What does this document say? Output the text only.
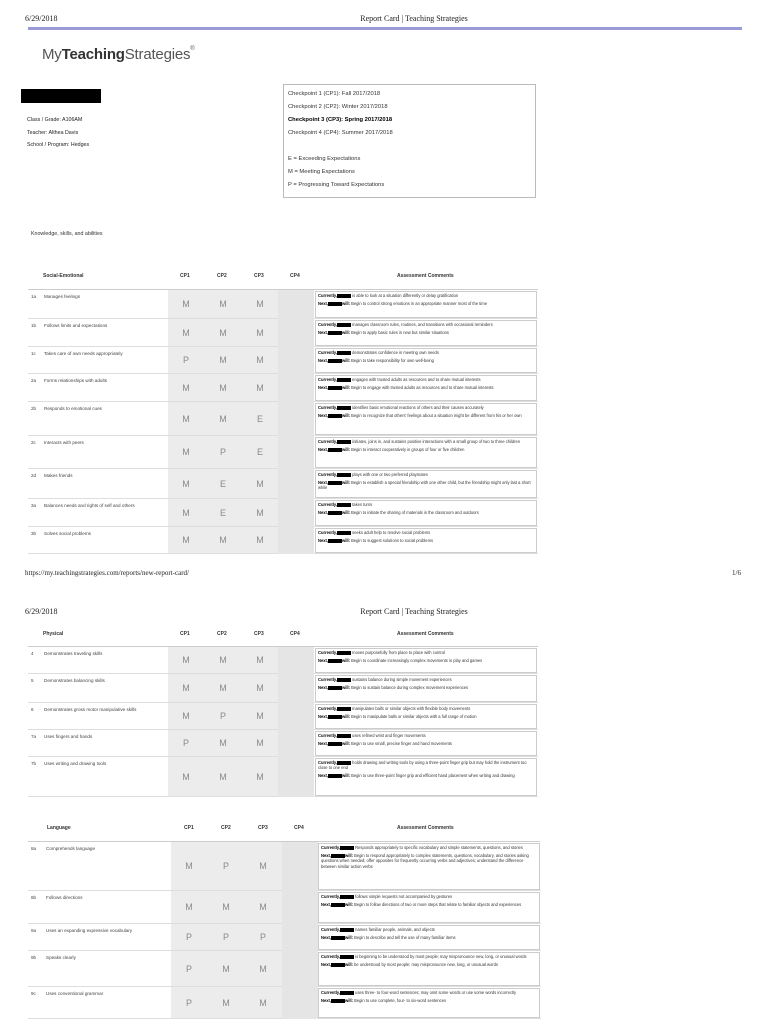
6/29/2018	Report Card | Teaching Strategies
MyTeachingStrategies®
Class / Grade: A106AM
Teacher: Althea Davis
School / Program: Hedges
Checkpoint 1 (CP1): Fall 2017/2018
Checkpoint 2 (CP2): Winter 2017/2018
Checkpoint 3 (CP3): Spring 2017/2018
Checkpoint 4 (CP4): Summer 2017/2018
E = Exceeding Expectations
M = Meeting Expectations
P = Progressing Toward Expectations
Knowledge, skills, and abilities
Social-Emotional	CP1	CP2	CP3	CP4	Assessment Comments
1a Manages feelings
M	M	M
Currently,	is able to look at a situation differently or delay gratification
Next,	will: Begin to control strong emotions in an appropriate manner most of the time
1b Follows limits and expectations
M	M	M
Currently,	manages classroom rules, routines, and transitions with occasional reminders
Next,	will: Begin to apply basic rules in new but similar situations
1c Takes care of own needs appropriately
P	M	M
Currently,	demonstrates confidence in meeting own needs
Next,	will: Begin to take responsibility for own well-being
2a Forms relationships with adults
M	M	M
Currently,	engages with trusted adults as resources and to share mutual interests
Next,	will: Begin to engage with trusted adults as resources and to share mutual interests
2b Responds to emotional cues
M	M	E
Currently,	identifies basic emotional reactions of others and their causes accurately
Next,	will: Begin to recognize that others' feelings about a situation might be different from his or her own
2c Interacts with peers
M	P	E
Currently,	initiates, joins in, and sustains positive interactions with a small group of two to three children
Next,	will: Begin to interact cooperatively in groups of four or five children
2d Makes friends
M	E	M
Currently,	plays with one or two preferred playmates
Next,	will: Begin to establish a special friendship with one other child, but the friendship might only last a short while
3a Balances needs and rights of self and others
M	E	M
Currently,	takes turns
Next,	will: Begin to initiate the sharing of materials in the classroom and outdoors
3b Solves social problems
M	M	M
Currently,	seeks adult help to resolve social problems
Next,	will: Begin to suggest solutions to social problems
https://my.teachingstrategies.com/reports/new-report-card/	1/6
6/29/2018	Report Card | Teaching Strategies
Physical	CP1	CP2	CP3	CP4	Assessment Comments
4 Demonstrates traveling skills
M	M	M
Currently,	moves purposefully from place to place with control
Next,	will: Begin to coordinate increasingly complex movements in play and games
5 Demonstrates balancing skills
M	M	M
Currently,	sustains balance during simple movement experiences
Next,	will: Begin to sustain balance during complex movement experiences
6 Demonstrates gross motor manipulative skills
M	P	M
Currently,	manipulates balls or similar objects with flexible body movements
Next,	will: Begin to manipulate balls or similar objects with a full range of motion
7a Uses fingers and hands
P	M	M
Currently,	uses refined wrist and finger movements
Next,	will: Begin to use small, precise finger and hand movements
7b Uses writing and drawing tools
M	M	M
Currently,	holds drawing and writing tools by using a three-point finger grip but may hold the instrument too close to one end
Next,	will: Begin to use three-point finger grip and efficient hand placement when writing and drawing
Language	CP1	CP2	CP3	CP4	Assessment Comments
8a Comprehends language
M	P	M
Currently,	Responds appropriately to specific vocabulary and simple statements, questions, and stories
Next,	will: Begin to respond appropriately to complex statements, questions, vocabulary, and stories asking questions when needed; offer opposites for frequently occurring verbs and adjectives; understand the difference between similar action verbs
8b Follows directions
M	M	M
Currently,	follows simple requests not accompanied by gestures
Next,	will: Begin to follow directions of two or more steps that relate to familiar objects and experiences
9a Uses an expanding expressive vocabulary
P	P	P
Currently,	names familiar people, animals, and objects
Next,	will: Begin to describe and tell the use of many familiar items
9b Speaks clearly
P	M	M
Currently,	is beginning to be understood by most people; may mispronounce new, long, or unusual words
Next,	will: be understood by most people; may mispronounce new, long, or unusual words
9c Uses conventional grammar
P	M	M
Currently,	uses three- to four-word sentences; may omit some words or use some words incorrectly
Next,	will: Begin to use complete, four- to six-word sentences
